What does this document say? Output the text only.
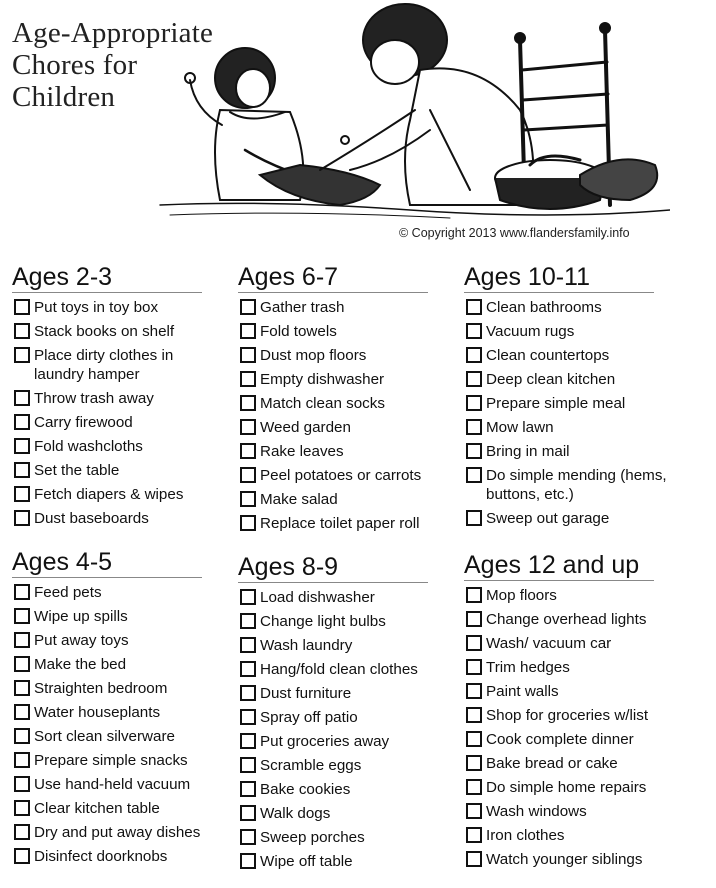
Age-Appropriate
Chores for
Children
© Copyright 2013 www.flandersfamily.info
Ages 2-3
Put toys in toy box
Stack books on shelf
Place dirty clothes in laundry hamper
Throw trash away
Carry firewood
Fold washcloths
Set the table
Fetch diapers & wipes
Dust baseboards
Ages 4-5
Feed pets
Wipe up spills
Put away toys
Make the bed
Straighten bedroom
Water houseplants
Sort clean silverware
Prepare simple snacks
Use hand-held vacuum
Clear kitchen table
Dry and put away dishes
Disinfect doorknobs
Ages 6-7
Gather trash
Fold towels
Dust mop floors
Empty dishwasher
Match clean socks
Weed garden
Rake leaves
Peel potatoes or carrots
Make salad
Replace toilet paper roll
Ages 8-9
Load dishwasher
Change light bulbs
Wash laundry
Hang/fold clean clothes
Dust furniture
Spray off patio
Put groceries away
Scramble eggs
Bake cookies
Walk dogs
Sweep porches
Wipe off table
Ages 10-11
Clean bathrooms
Vacuum rugs
Clean countertops
Deep clean kitchen
Prepare simple meal
Mow lawn
Bring in mail
Do simple mending (hems, buttons, etc.)
Sweep out garage
Ages 12 and up
Mop floors
Change overhead lights
Wash/ vacuum car
Trim hedges
Paint walls
Shop for groceries w/list
Cook complete dinner
Bake bread or cake
Do simple home repairs
Wash windows
Iron clothes
Watch younger siblings
